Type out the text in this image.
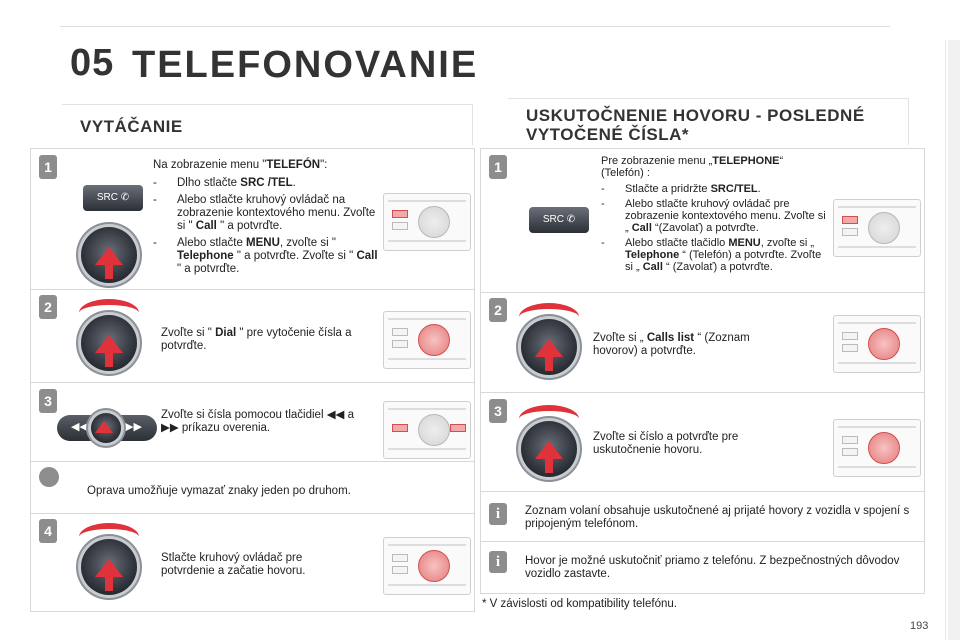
05 TELEFONOVANIE
VYTÁČANIE
1
SRC ✆
Na zobrazenie menu "TELEFÓN":
-	Dlho stlačte SRC /TEL.
-	Alebo stlačte kruhový ovládač na zobrazenie kontextového menu. Zvoľte si " Call " a potvrďte.
-	Alebo stlačte MENU, zvoľte si " Telephone " a potvrďte. Zvoľte si " Call " a potvrďte.
2
Zvoľte si " Dial " pre vytočenie čísla a potvrďte.
3
◀◀	▶▶
Zvoľte si čísla pomocou tlačidiel ◀◀ a
▶▶ príkazu overenia.
Oprava umožňuje vymazať znaky jeden po druhom.
4
Stlačte kruhový ovládač pre potvrdenie a začatie hovoru.
USKUTOČNENIE HOVORU - POSLEDNÉ
VYTOČENÉ ČÍSLA*
1
SRC ✆
Pre zobrazenie menu „TELEPHONE“ (Telefón) :
-	Stlačte a pridržte SRC/TEL.
-	Alebo stlačte kruhový ovládač pre zobrazenie kontextového menu. Zvoľte si „ Call “(Zavolať) a potvrďte.
-	Alebo stlačte tlačidlo MENU, zvoľte si „ Telephone “ (Telefón) a potvrďte. Zvoľte si „ Call “ (Zavolať) a potvrďte.
2
Zvoľte si „ Calls list “ (Zoznam hovorov) a potvrďte.
3
Zvoľte si číslo a potvrďte pre uskutočnenie hovoru.
i	Zoznam volaní obsahuje uskutočnené aj prijaté hovory z vozidla v spojení s pripojeným telefónom.
i	Hovor je možné uskutočniť priamo z telefónu. Z bezpečnostných dôvodov vozidlo zastavte.
* V závislosti od kompatibility telefónu.
193
